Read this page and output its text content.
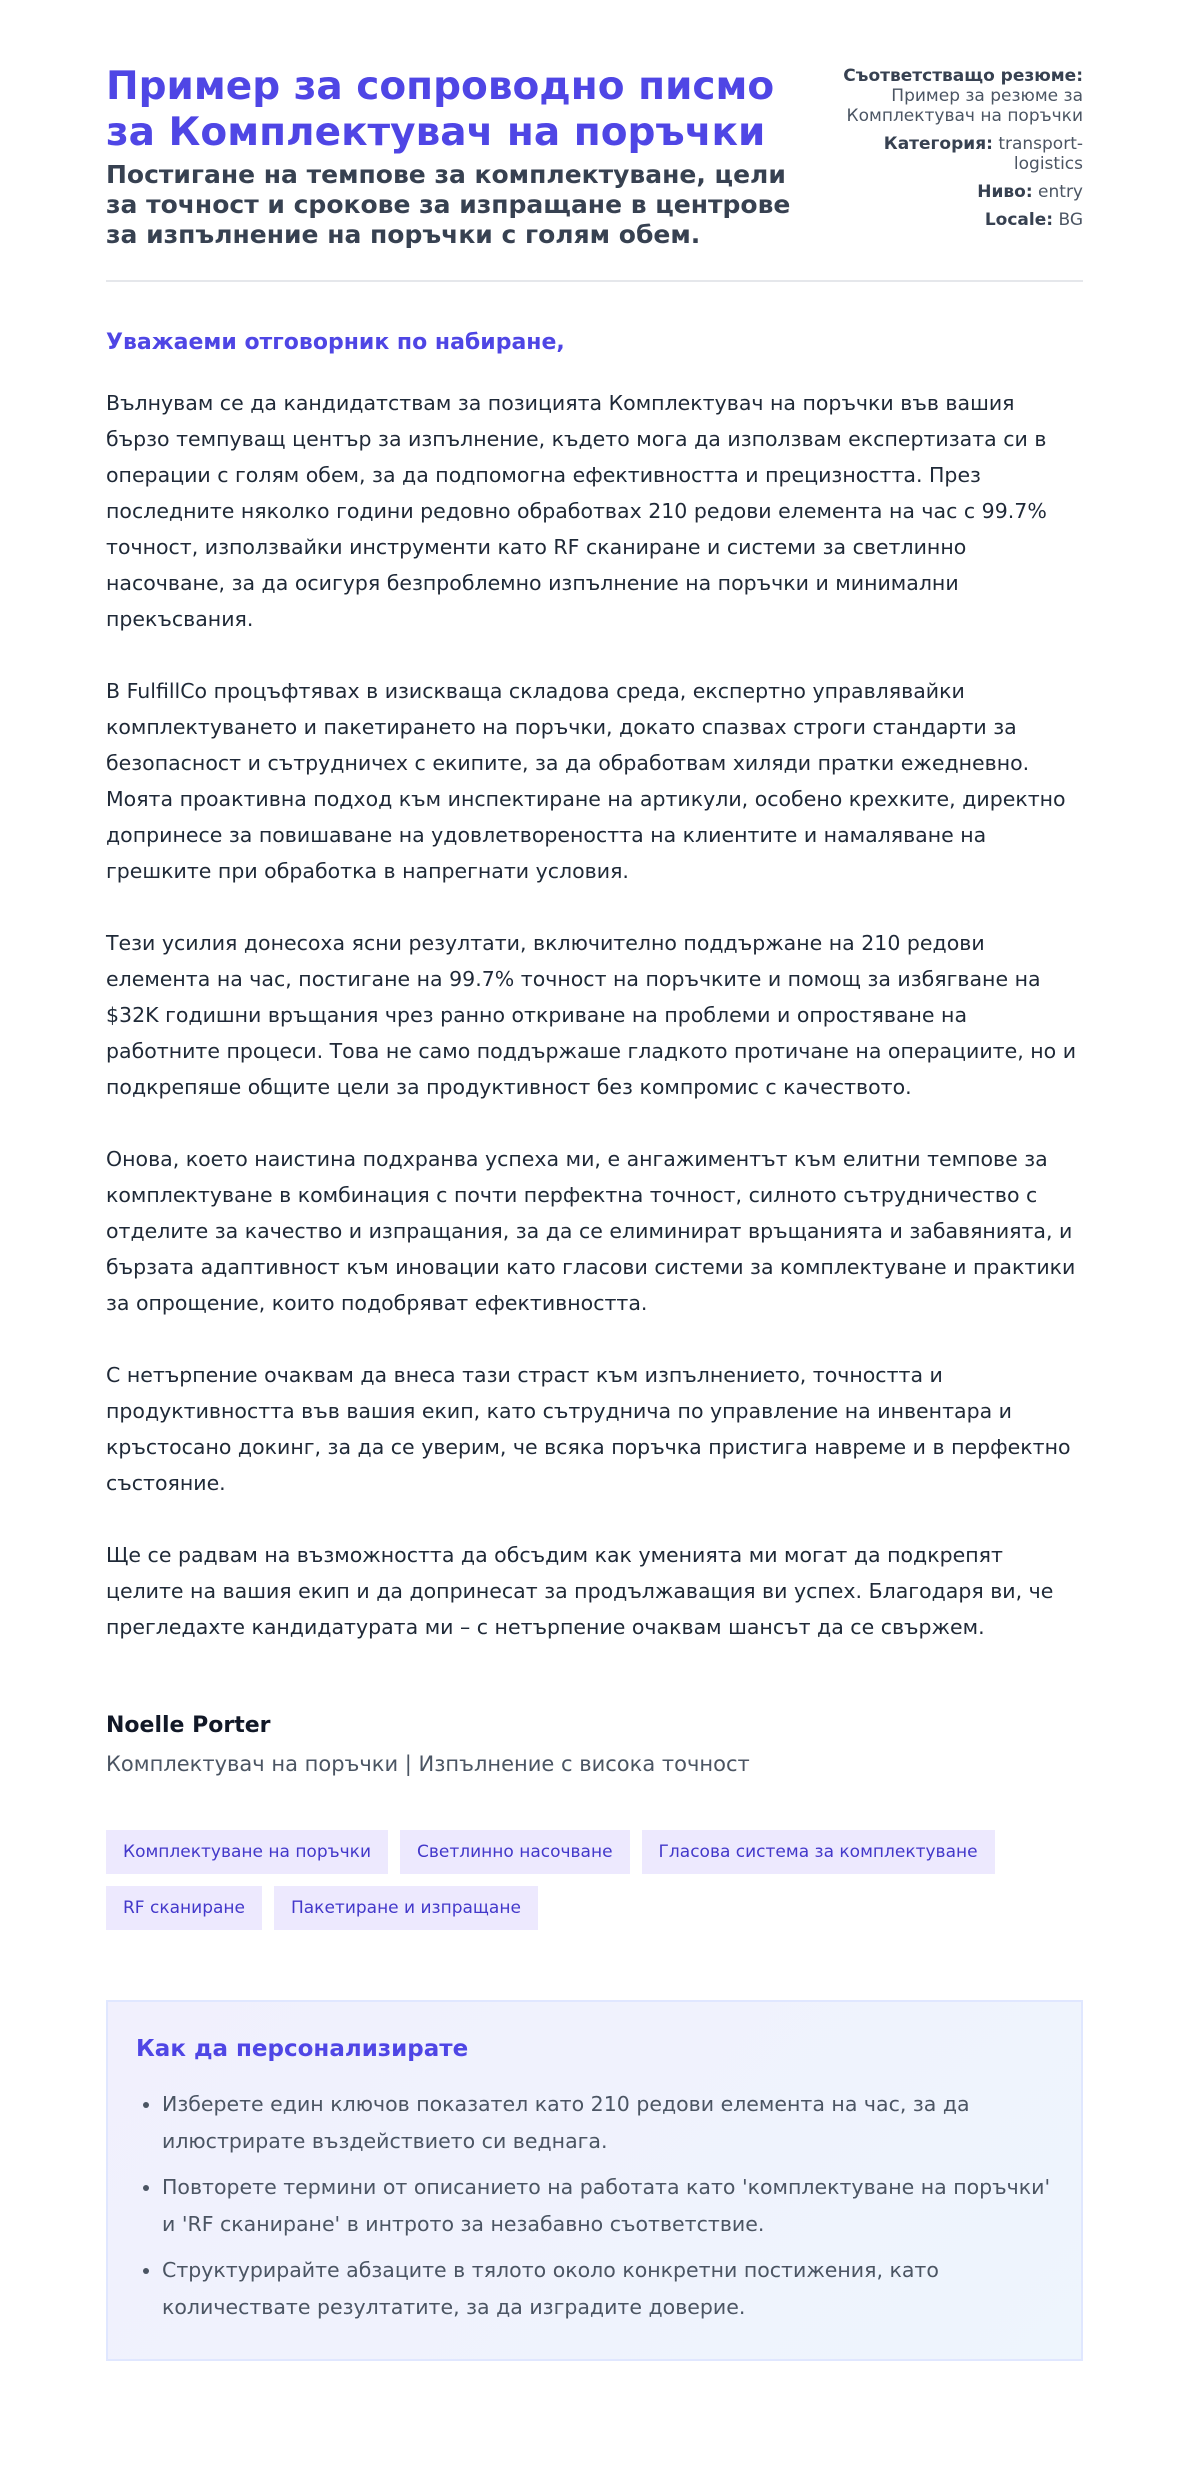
Пример за сопроводно писмо за Комплектувач на поръчки
Постигане на темпове за комплектуване, цели за точност и срокове за изпращане в центрове за изпълнение на поръчки с голям обем.
Съответстващо резюме:
Пример за резюме за Комплектувач на поръчки
Категория: transport-logistics
Ниво: entry
Locale: BG
Уважаеми отговорник по набиране,

Вълнувам се да кандидатствам за позицията Комплектувач на поръчки във вашия бързо темпуващ център за изпълнение, където мога да използвам експертизата си в операции с голям обем, за да подпомогна ефективността и прецизността. През последните няколко години редовно обработвах 210 редови елемента на час с 99.7% точност, използвайки инструменти като RF сканиране и системи за светлинно насочване, за да осигуря безпроблемно изпълнение на поръчки и минимални прекъсвания.

В FulfillCo процъфтявах в изискваща складова среда, експертно управлявайки комплектуването и пакетирането на поръчки, докато спазвах строги стандарти за безопасност и сътрудничех с екипите, за да обработвам хиляди пратки ежедневно. Моята проактивна подход към инспектиране на артикули, особено крехките, директно допринесе за повишаване на удовлетвореността на клиентите и намаляване на грешките при обработка в напрегнати условия.

Тези усилия донесоха ясни резултати, включително поддържане на 210 редови елемента на час, постигане на 99.7% точност на поръчките и помощ за избягване на $32K годишни връщания чрез ранно откриване на проблеми и опростяване на работните процеси. Това не само поддържаше гладкото протичане на операциите, но и подкрепяше общите цели за продуктивност без компромис с качеството.

Онова, което наистина подхранва успеха ми, е ангажиментът към елитни темпове за комплектуване в комбинация с почти перфектна точност, силното сътрудничество с отделите за качество и изпращания, за да се елиминират връщанията и забавянията, и бързата адаптивност към иновации като гласови системи за комплектуване и практики за опрощение, които подобряват ефективността.

С нетърпение очаквам да внеса тази страст към изпълнението, точността и продуктивността във вашия екип, като сътруднича по управление на инвентара и кръстосано докинг, за да се уверим, че всяка поръчка пристига навреме и в перфектно състояние.

Ще се радвам на възможността да обсъдим как уменията ми могат да подкрепят целите на вашия екип и да допринесат за продължаващия ви успех. Благодаря ви, че прегледахте кандидатурата ми – с нетърпение очаквам шансът да се свържем.

Noelle Porter
Комплектувач на поръчки | Изпълнение с висока точност
Комплектуване на поръчки	Светлинно насочване	Гласова система за комплектуване
RF сканиране	Пакетиране и изпращане
Как да персонализирате
• Изберете един ключов показател като 210 редови елемента на час, за да илюстрирате въздействието си веднага.
• Повторете термини от описанието на работата като 'комплектуване на поръчки' и 'RF сканиране' в интрото за незабавно съответствие.
• Структурирайте абзаците в тялото около конкретни постижения, като количествате резултатите, за да изградите доверие.
